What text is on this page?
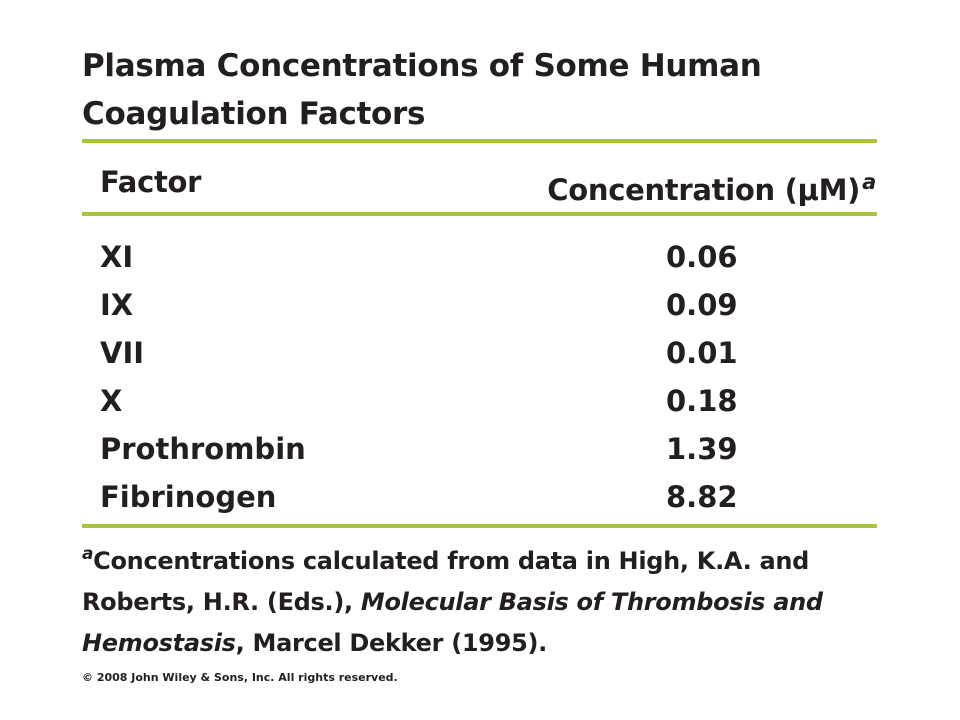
Plasma Concentrations of Some Human
Coagulation Factors
Factor	Concentration $(\mu M)^a$
XI	0.06
IX	0.09
VII	0.01
X	0.18
Prothrombin	1.39
Fibrinogen	8.82
$^a$Concentrations calculated from data in High, K.A. and Roberts, H.R. (Eds.), Molecular Basis of Thrombosis and Hemostasis, Marcel Dekker (1995).
© 2008 John Wiley & Sons, Inc. All rights reserved.
